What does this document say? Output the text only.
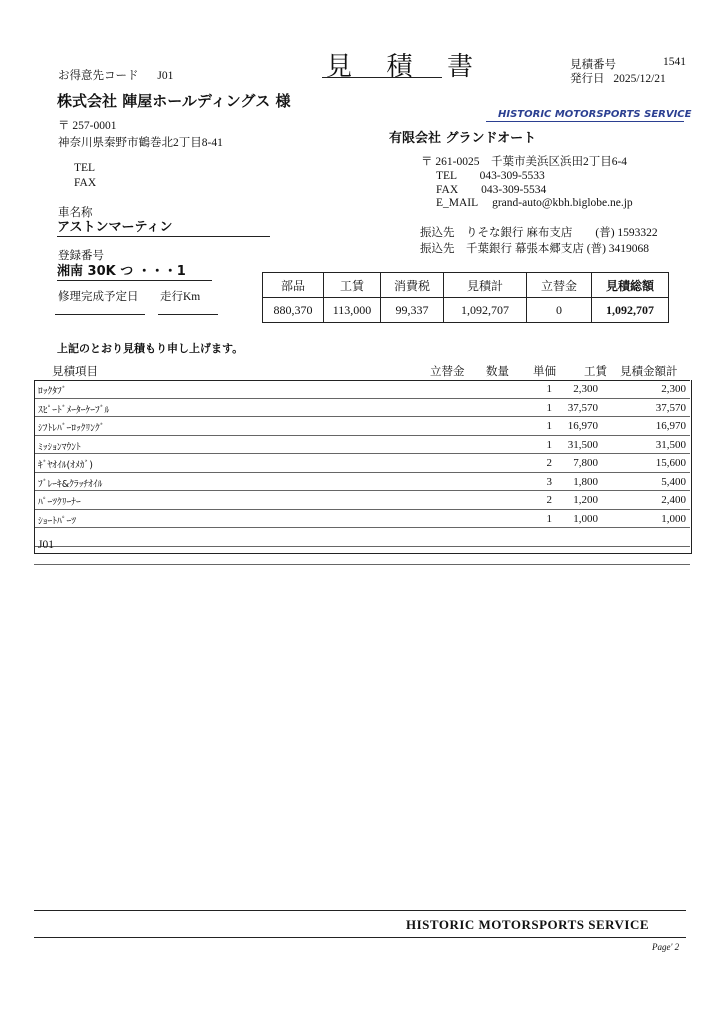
お得意先コード J01	見 積 書	見積番号	1541
発行日 2025/12/21
株式会社 陣屋ホールディングス 様
〒 257-0001
神奈川県秦野市鶴巻北2丁目8-41
TEL
FAX
HISTORIC MOTORSPORTS SERVICE
有限会社 グランドオート
〒 261-0025　千葉市美浜区浜田2丁目6-4
TEL　　043-309-5533
FAX　　043-309-5534
E_MAIL　 grand-auto@kbh.biglobe.ne.jp
振込先　りそな銀行 麻布支店　　(普) 1593322
振込先　千葉銀行 幕張本郷支店 (普) 3419068
車名称
アストンマーティン
登録番号
湘南 30K つ ・・・1
修理完成予定日 走行Km
部品	工賃	消費税	見積計	立替金	見積総額
880,370	113,000	99,337	1,092,707	0	1,092,707
上記のとおり見積もり申し上げます。
見積項目	立替金 数量 単価 工賃 見積金額計
ﾛｯｸﾀﾌﾞ	1 2,300	2,300
ｽﾋﾟｰﾄﾞﾒｰﾀｰｹｰﾌﾞﾙ	1 37,570	37,570
ｼﾌﾄﾚﾊﾞｰﾛｯｸﾘﾝｸﾞ	1 16,970	16,970
ﾐｯｼｮﾝﾏｳﾝﾄ	1 31,500	31,500
ｷﾞﾔｵｲﾙ(ｵﾒｶﾞ)	2 7,800	15,600
ﾌﾞﾚｰｷ&ｸﾗｯﾁｵｲﾙ	3 1,800	5,400
ﾊﾟｰﾂｸﾘｰﾅｰ	2 1,200	2,400
ｼｮｰﾄﾊﾟｰﾂ	1 1,000	1,000
J01
HISTORIC MOTORSPORTS SERVICE
Page' 2
